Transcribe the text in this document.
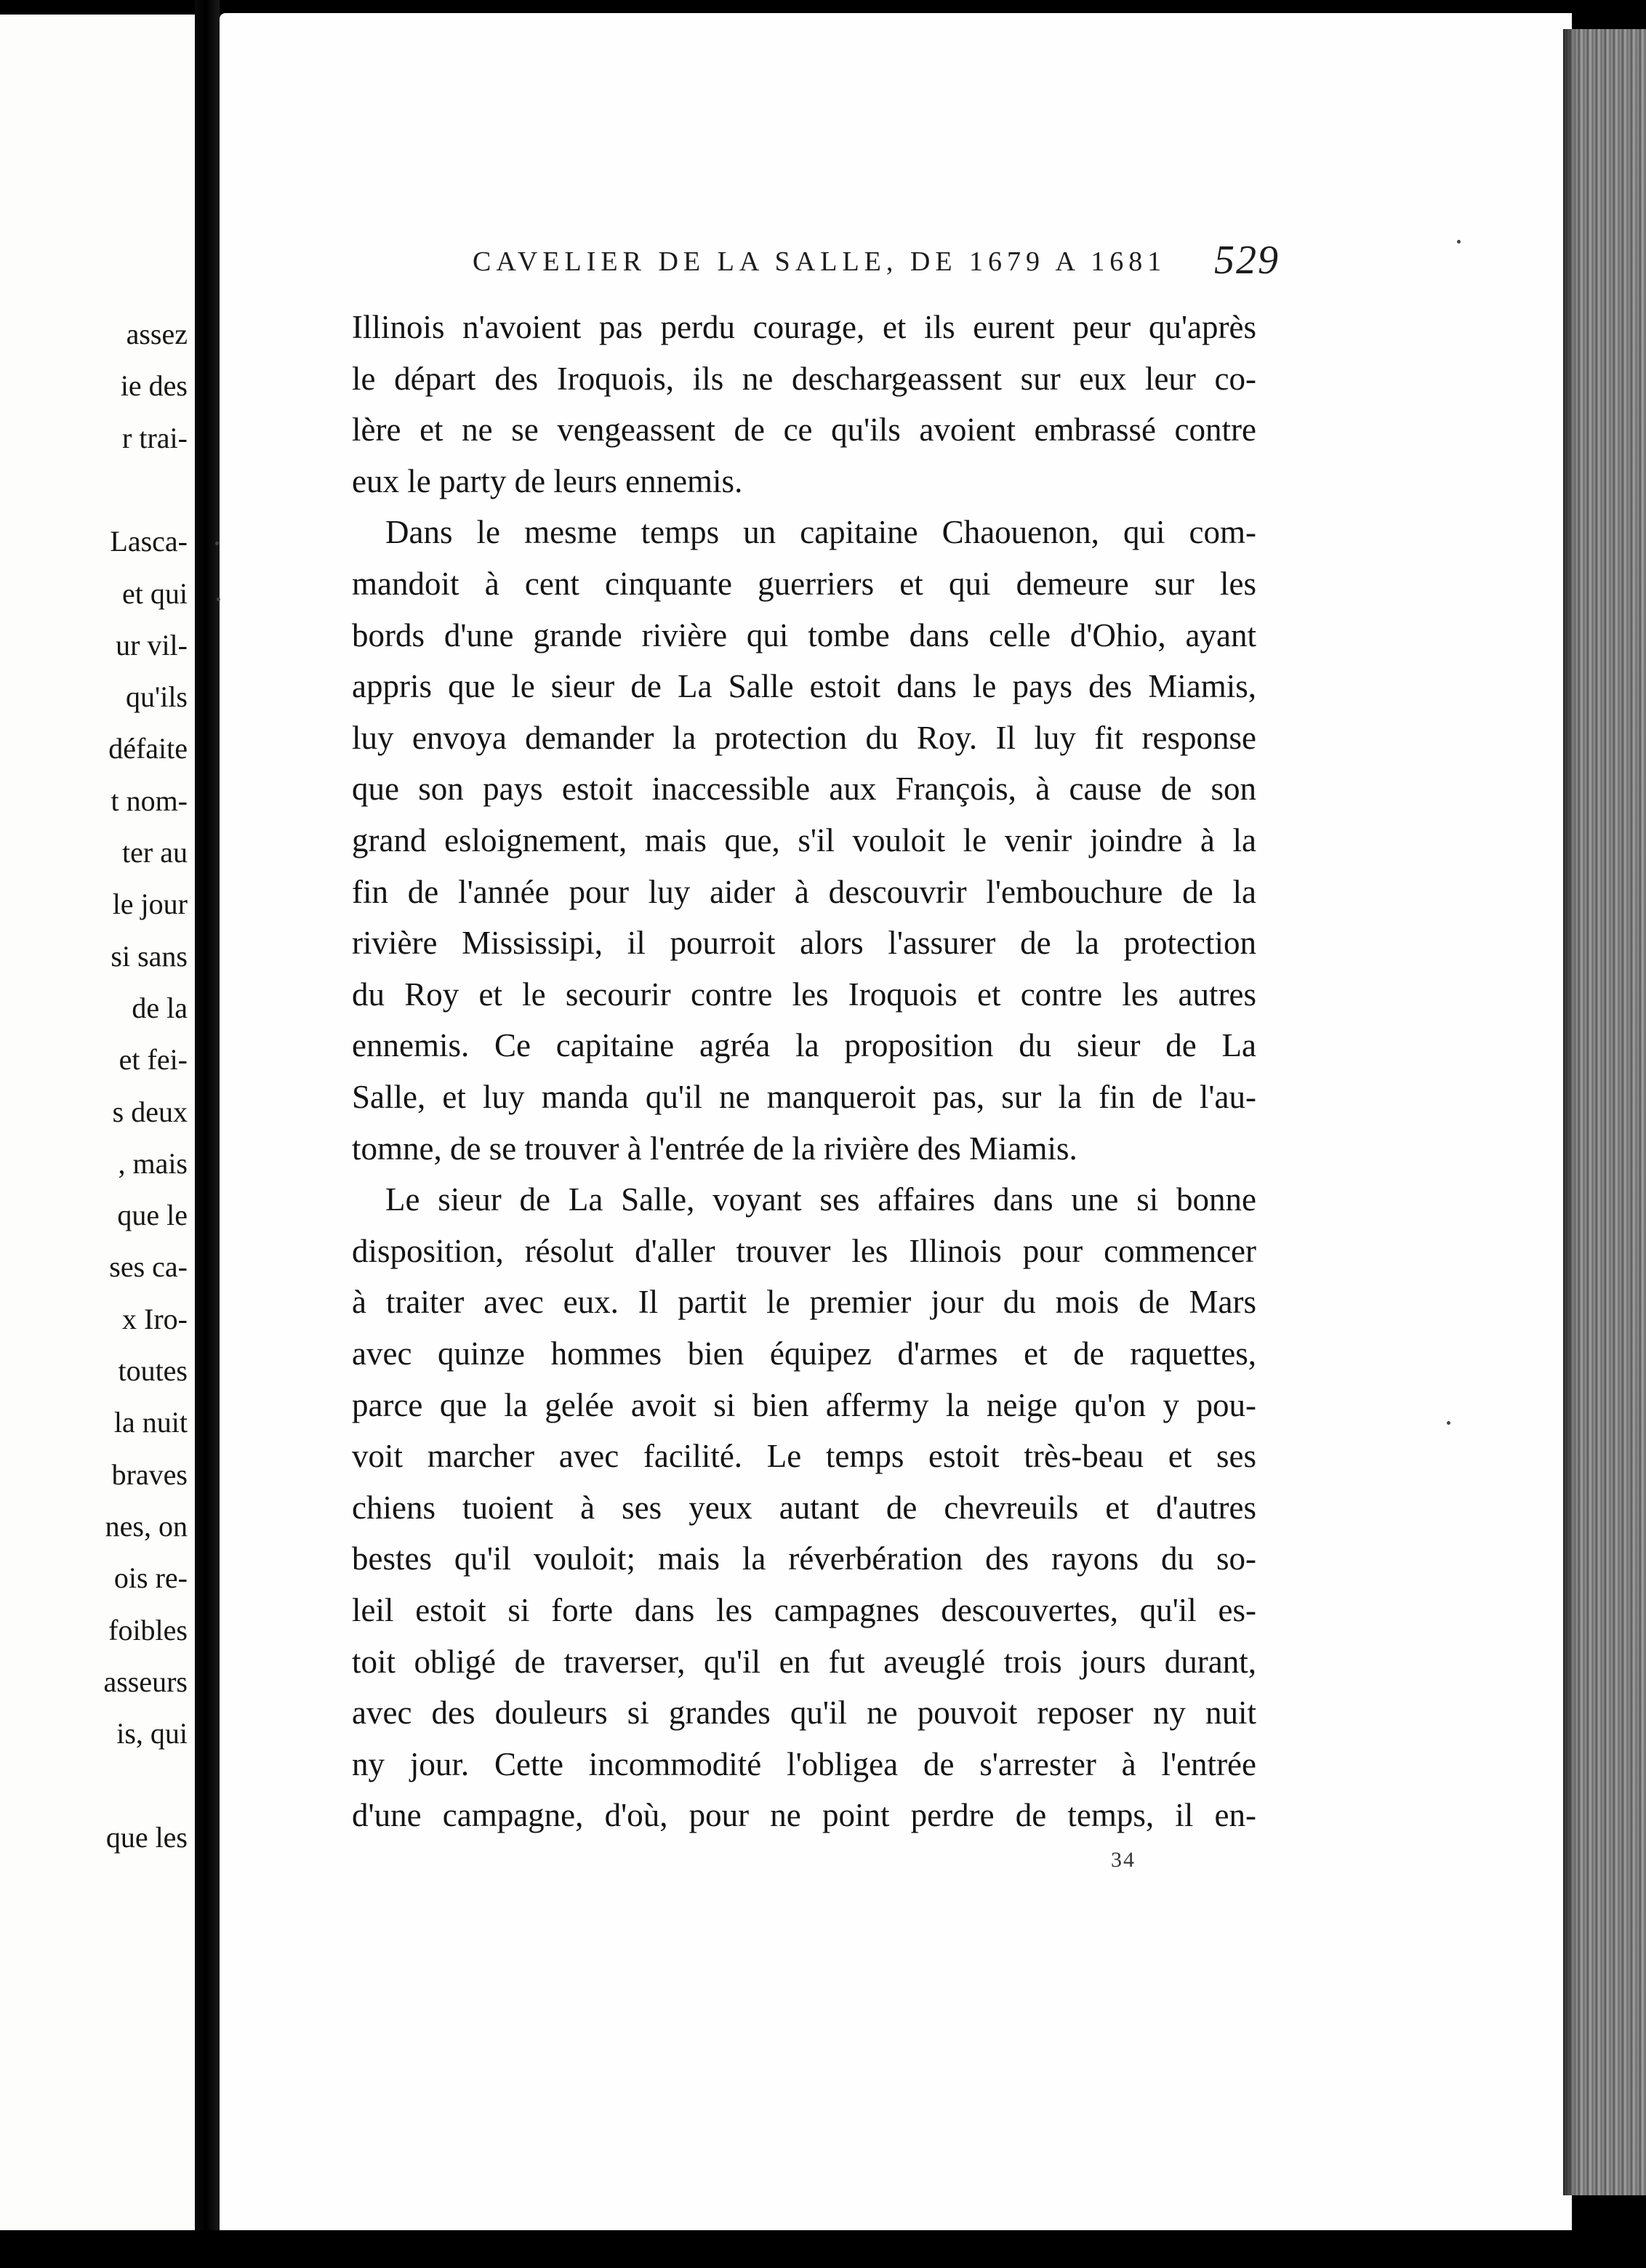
assez
ie des
r trai-
Lasca-
et qui
ur vil-
qu'ils
défaite
t nom-
ter au
le jour
si sans
de la
et fei-
s deux
, mais
que le
ses ca-
x Iro-
toutes
la nuit
braves
nes, on
ois re-
foibles
asseurs
is, qui
que les
CAVELIER DE LA SALLE, DE 1679 A 1681 529
Illinois n'avoient pas perdu courage, et ils eurent peur qu'après
le départ des Iroquois, ils ne deschargeassent sur eux leur co-
lère et ne se vengeassent de ce qu'ils avoient embrassé contre
eux le party de leurs ennemis.
Dans le mesme temps un capitaine Chaouenon, qui com-
mandoit à cent cinquante guerriers et qui demeure sur les
bords d'une grande rivière qui tombe dans celle d'Ohio, ayant
appris que le sieur de La Salle estoit dans le pays des Miamis,
luy envoya demander la protection du Roy. Il luy fit response
que son pays estoit inaccessible aux François, à cause de son
grand esloignement, mais que, s'il vouloit le venir joindre à la
fin de l'année pour luy aider à descouvrir l'embouchure de la
rivière Mississipi, il pourroit alors l'assurer de la protection
du Roy et le secourir contre les Iroquois et contre les autres
ennemis. Ce capitaine agréa la proposition du sieur de La
Salle, et luy manda qu'il ne manqueroit pas, sur la fin de l'au-
tomne, de se trouver à l'entrée de la rivière des Miamis.
Le sieur de La Salle, voyant ses affaires dans une si bonne
disposition, résolut d'aller trouver les Illinois pour commencer
à traiter avec eux. Il partit le premier jour du mois de Mars
avec quinze hommes bien équipez d'armes et de raquettes,
parce que la gelée avoit si bien affermy la neige qu'on y pou-
voit marcher avec facilité. Le temps estoit très-beau et ses
chiens tuoient à ses yeux autant de chevreuils et d'autres
bestes qu'il vouloit; mais la réverbération des rayons du so-
leil estoit si forte dans les campagnes descouvertes, qu'il es-
toit obligé de traverser, qu'il en fut aveuglé trois jours durant,
avec des douleurs si grandes qu'il ne pouvoit reposer ny nuit
ny jour. Cette incommodité l'obligea de s'arrester à l'entrée
d'une campagne, d'où, pour ne point perdre de temps, il en-
34
